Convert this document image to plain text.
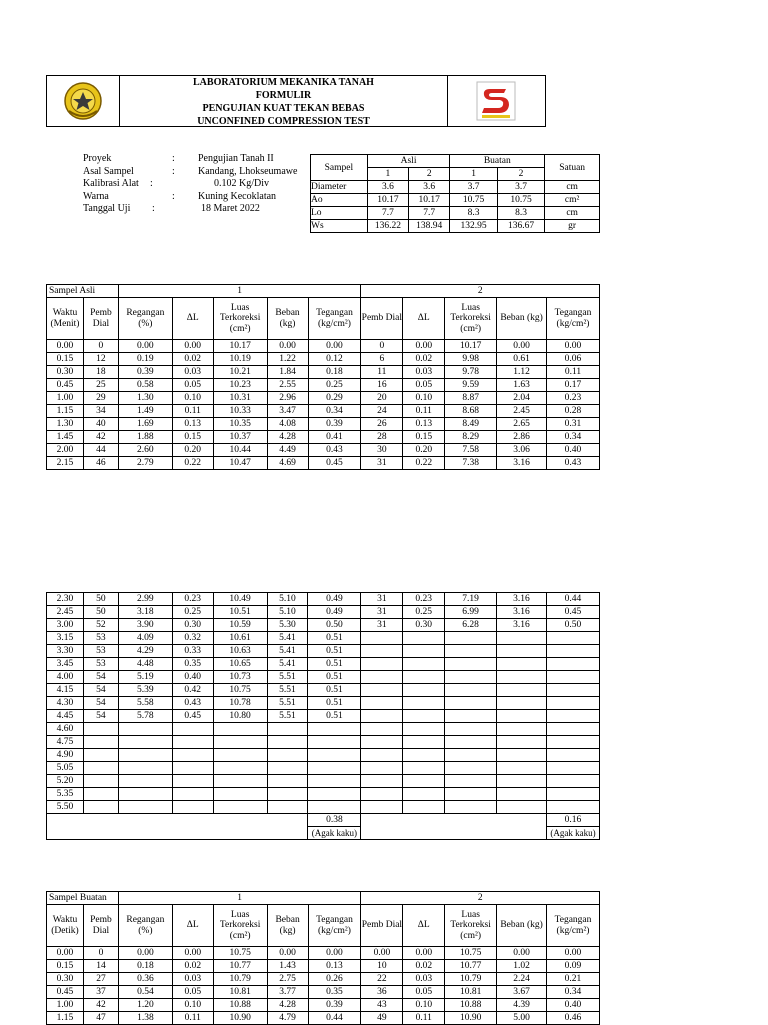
LABORATORIUM MEKANIKA TANAH
FORMULIR
PENGUJIAN KUAT TEKAN BEBAS
UNCONFINED COMPRESSION TEST
Proyek	: Pengujian Tanah II
Asal Sampel	: Kandang, Lhokseumawe
Kalibrasi Alat :	0.102 Kg/Div
Warna	: Kuning Kecoklatan
Tanggal Uji :	18 Maret 2022
Sampel	Asli		Buatan		Satuan
	1	2	1	2	
Diameter	3.6	3.6	3.7	3.7	cm
Ao	10.17	10.17	10.75	10.75	cm²
Lo	7.7	7.7	8.3	8.3	cm
Ws	136.22	138.94	132.95	136.67	gr
Sampel Asli		1					2				
Waktu (Menit)	Pemb Dial	Regangan (%)	ΔL	Luas Terkoreksi (cm²)	Beban (kg)	Tegangan (kg/cm²)	Pemb Dial	ΔL	Luas Terkoreksi (cm²)	Beban (kg)	Tegangan (kg/cm²)
0.00	0	0.00	0.00	10.17	0.00	0.00	0	0.00	10.17	0.00	0.00
0.15	12	0.19	0.02	10.19	1.22	0.12	6	0.02	9.98	0.61	0.06
0.30	18	0.39	0.03	10.21	1.84	0.18	11	0.03	9.78	1.12	0.11
0.45	25	0.58	0.05	10.23	2.55	0.25	16	0.05	9.59	1.63	0.17
1.00	29	1.30	0.10	10.31	2.96	0.29	20	0.10	8.87	2.04	0.23
1.15	34	1.49	0.11	10.33	3.47	0.34	24	0.11	8.68	2.45	0.28
1.30	40	1.69	0.13	10.35	4.08	0.39	26	0.13	8.49	2.65	0.31
1.45	42	1.88	0.15	10.37	4.28	0.41	28	0.15	8.29	2.86	0.34
2.00	44	2.60	0.20	10.44	4.49	0.43	30	0.20	7.58	3.06	0.40
2.15	46	2.79	0.22	10.47	4.69	0.45	31	0.22	7.38	3.16	0.43
2.30	50	2.99	0.23	10.49	5.10	0.49	31	0.23	7.19	3.16	0.44
2.45	50	3.18	0.25	10.51	5.10	0.49	31	0.25	6.99	3.16	0.45
3.00	52	3.90	0.30	10.59	5.30	0.50	31	0.30	6.28	3.16	0.50
3.15	53	4.09	0.32	10.61	5.41	0.51					
3.30	53	4.29	0.33	10.63	5.41	0.51					
3.45	53	4.48	0.35	10.65	5.41	0.51					
4.00	54	5.19	0.40	10.73	5.51	0.51					
4.15	54	5.39	0.42	10.75	5.51	0.51					
4.30	54	5.58	0.43	10.78	5.51	0.51					
4.45	54	5.78	0.45	10.80	5.51	0.51					
4.60											
4.75											
4.90											
5.05											
5.20											
5.35											
5.50											
						0.38					0.16
						(Agak kaku)					(Agak kaku)
Sampel Buatan		1					2				
Waktu (Detik)	Pemb Dial	Regangan (%)	ΔL	Luas Terkoreksi (cm²)	Beban (kg)	Tegangan (kg/cm²)	Pemb Dial	ΔL	Luas Terkoreksi (cm²)	Beban (kg)	Tegangan (kg/cm²)
0.00	0	0.00	0.00	10.75	0.00	0.00	0.00	0.00	10.75	0.00	0.00
0.15	14	0.18	0.02	10.77	1.43	0.13	10	0.02	10.77	1.02	0.09
0.30	27	0.36	0.03	10.79	2.75	0.26	22	0.03	10.79	2.24	0.21
0.45	37	0.54	0.05	10.81	3.77	0.35	36	0.05	10.81	3.67	0.34
1.00	42	1.20	0.10	10.88	4.28	0.39	43	0.10	10.88	4.39	0.40
1.15	47	1.38	0.11	10.90	4.79	0.44	49	0.11	10.90	5.00	0.46
